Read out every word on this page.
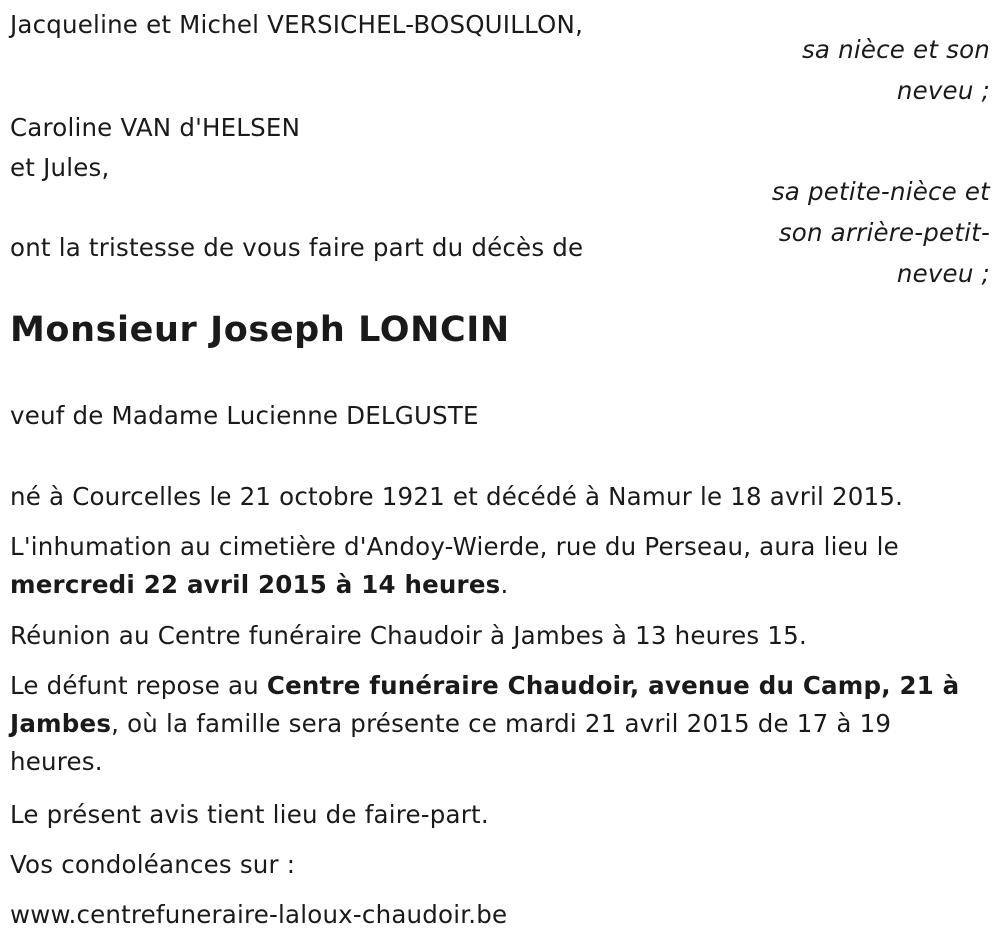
Jacqueline et Michel VERSICHEL-BOSQUILLON,
sa nièce et son neveu ;
Caroline VAN d'HELSEN
et Jules,
sa petite-nièce et son arrière-petit-neveu ;
ont la tristesse de vous faire part du décès de
Monsieur Joseph LONCIN
veuf de Madame Lucienne DELGUSTE
né à Courcelles le 21 octobre 1921 et décédé à Namur le 18 avril 2015.
L'inhumation au cimetière d'Andoy-Wierde, rue du Perseau, aura lieu le mercredi 22 avril 2015 à 14 heures.
Réunion au Centre funéraire Chaudoir à Jambes à 13 heures 15.
Le défunt repose au Centre funéraire Chaudoir, avenue du Camp, 21 à Jambes, où la famille sera présente ce mardi 21 avril 2015 de 17 à 19 heures.
Le présent avis tient lieu de faire-part.
Vos condoléances sur :
www.centrefuneraire-laloux-chaudoir.be
